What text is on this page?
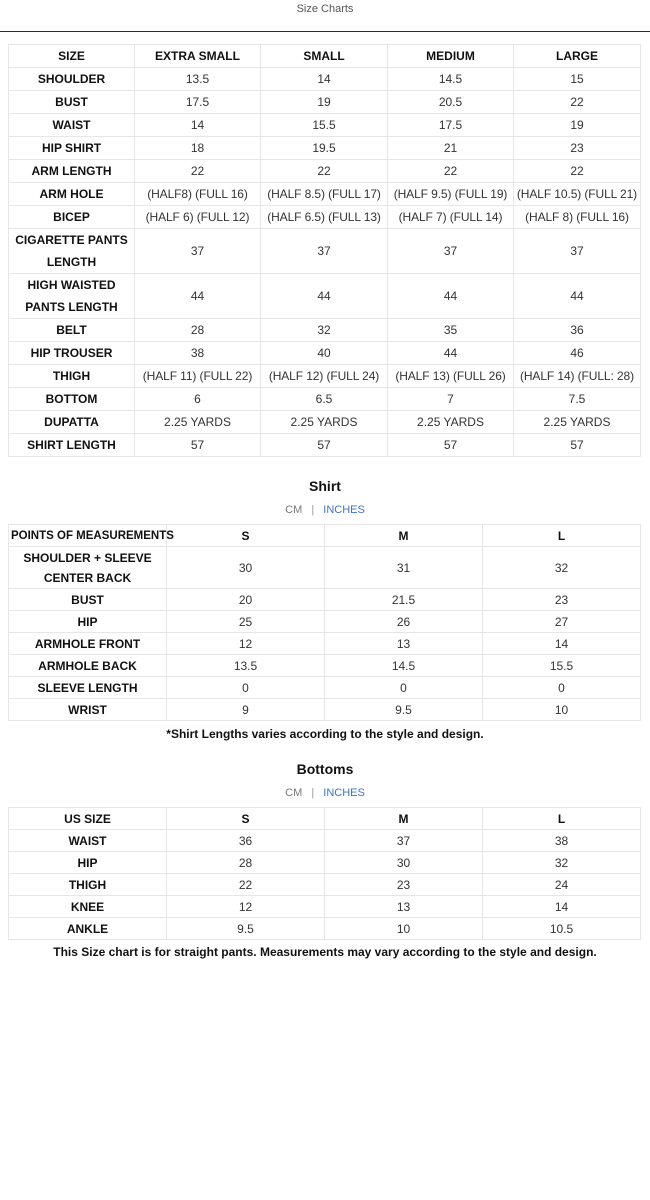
Size Charts
SIZE	EXTRA SMALL	SMALL	MEDIUM	LARGE
SHOULDER	13.5	14	14.5	15
BUST	17.5	19	20.5	22
WAIST	14	15.5	17.5	19
HIP SHIRT	18	19.5	21	23
ARM LENGTH	22	22	22	22
ARM HOLE	(HALF8) (FULL 16)	(HALF 8.5) (FULL 17)	(HALF 9.5) (FULL 19)	(HALF 10.5) (FULL 21)
BICEP	(HALF 6) (FULL 12)	(HALF 6.5) (FULL 13)	(HALF 7) (FULL 14)	(HALF 8) (FULL 16)
CIGARETTE PANTS LENGTH	37	37	37	37
HIGH WAISTED PANTS LENGTH	44	44	44	44
BELT	28	32	35	36
HIP TROUSER	38	40	44	46
THIGH	(HALF 11) (FULL 22)	(HALF 12) (FULL 24)	(HALF 13) (FULL 26)	(HALF 14) (FULL: 28)
BOTTOM	6	6.5	7	7.5
DUPATTA	2.25 YARDS	2.25 YARDS	2.25 YARDS	2.25 YARDS
SHIRT LENGTH	57	57	57	57
Shirt
CM | INCHES
POINTS OF MEASUREMENTS	S	M	L
SHOULDER + SLEEVE CENTER BACK	30	31	32
BUST	20	21.5	23
HIP	25	26	27
ARMHOLE FRONT	12	13	14
ARMHOLE BACK	13.5	14.5	15.5
SLEEVE LENGTH	0	0	0
WRIST	9	9.5	10
*Shirt Lengths varies according to the style and design.
Bottoms
CM | INCHES
US SIZE	S	M	L
WAIST	36	37	38
HIP	28	30	32
THIGH	22	23	24
KNEE	12	13	14
ANKLE	9.5	10	10.5
This Size chart is for straight pants. Measurements may vary according to the style and design.
